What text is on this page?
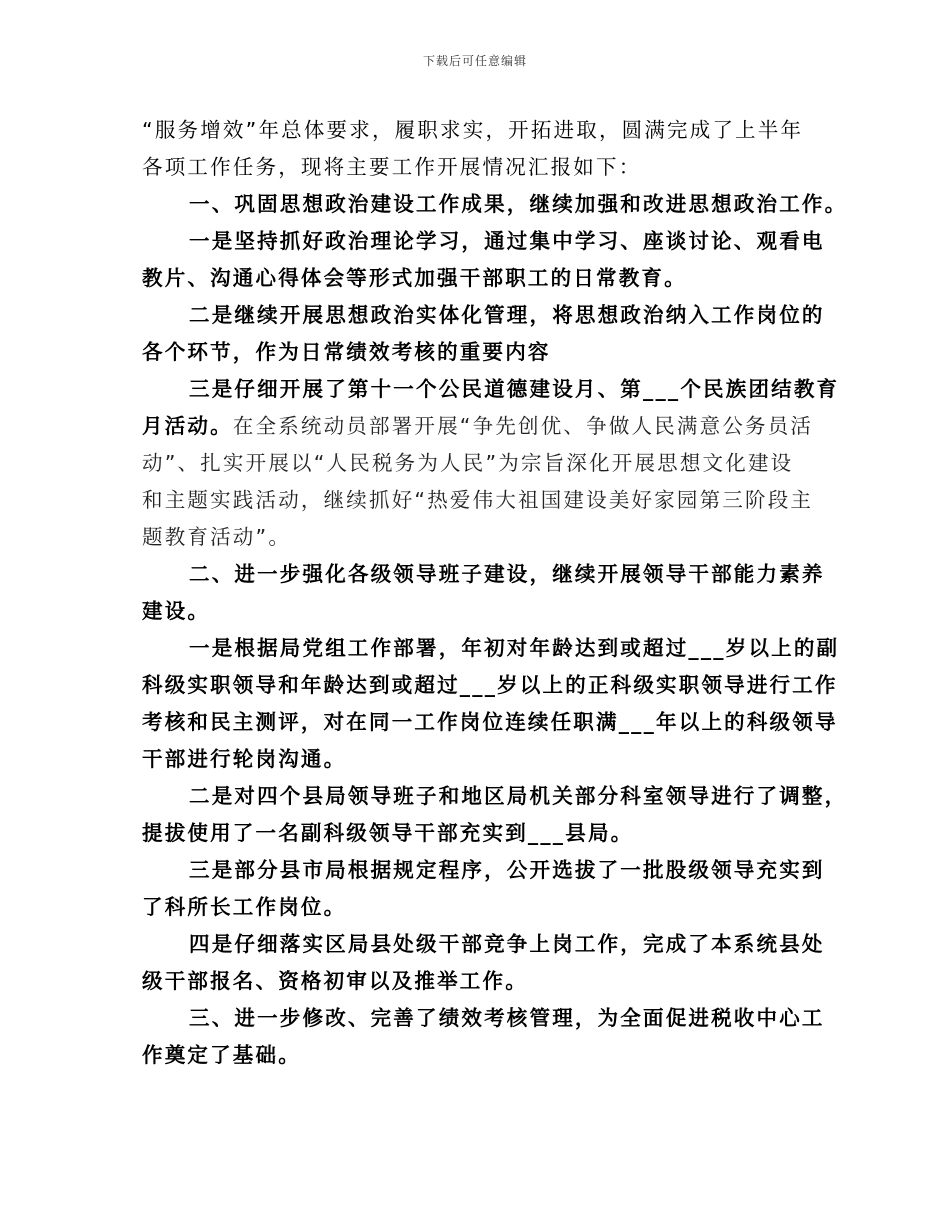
下载后可任意编辑
“服务增效”年总体要求，履职求实，开拓进取，圆满完成了上半年
各项工作任务，现将主要工作开展情况汇报如下：
一、巩固思想政治建设工作成果，继续加强和改进思想政治工作。
一是坚持抓好政治理论学习，通过集中学习、座谈讨论、观看电
教片、沟通心得体会等形式加强干部职工的日常教育。
二是继续开展思想政治实体化管理，将思想政治纳入工作岗位的
各个环节，作为日常绩效考核的重要内容
三是仔细开展了第十一个公民道德建设月、第___个民族团结教育
月活动。在全系统动员部署开展“争先创优、争做人民满意公务员活
动”、扎实开展以“人民税务为人民”为宗旨深化开展思想文化建设
和主题实践活动，继续抓好“热爱伟大祖国建设美好家园第三阶段主
题教育活动”。
二、进一步强化各级领导班子建设，继续开展领导干部能力素养
建设。
一是根据局党组工作部署，年初对年龄达到或超过___岁以上的副
科级实职领导和年龄达到或超过___岁以上的正科级实职领导进行工作
考核和民主测评，对在同一工作岗位连续任职满___年以上的科级领导
干部进行轮岗沟通。
二是对四个县局领导班子和地区局机关部分科室领导进行了调整，
提拔使用了一名副科级领导干部充实到___县局。
三是部分县市局根据规定程序，公开选拔了一批股级领导充实到
了科所长工作岗位。
四是仔细落实区局县处级干部竞争上岗工作，完成了本系统县处
级干部报名、资格初审以及推举工作。
三、进一步修改、完善了绩效考核管理，为全面促进税收中心工
作奠定了基础。
